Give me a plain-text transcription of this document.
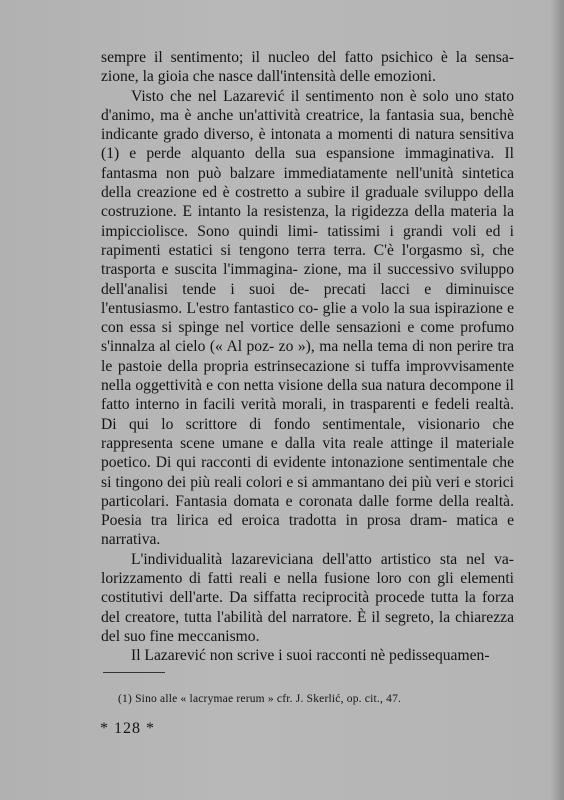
sempre il sentimento; il nucleo del fatto psichico è la sensa- zione, la gioia che nasce dall'intensità delle emozioni.

Visto che nel Lazarević il sentimento non è solo uno stato d'animo, ma è anche un'attività creatrice, la fantasia sua, benchè indicante grado diverso, è intonata a momenti di natura sensitiva (1) e perde alquanto della sua espansione immaginativa. Il fantasma non può balzare immediatamente nell'unità sintetica della creazione ed è costretto a subire il graduale sviluppo della costruzione. E intanto la resistenza, la rigidezza della materia la impicciolisce. Sono quindi limi- tatissimi i grandi voli ed i rapimenti estatici si tengono terra terra. C'è l'orgasmo sì, che trasporta e suscita l'immagina- zione, ma il successivo sviluppo dell'analisi tende i suoi de- precati lacci e diminuisce l'entusiasmo. L'estro fantastico co- glie a volo la sua ispirazione e con essa si spinge nel vortice delle sensazioni e come profumo s'innalza al cielo (« Al poz- zo »), ma nella tema di non perire tra le pastoie della propria estrinsecazione si tuffa improvvisamente nella oggettività e con netta visione della sua natura decompone il fatto interno in facili verità morali, in trasparenti e fedeli realtà. Di qui lo scrittore di fondo sentimentale, visionario che rappresenta scene umane e dalla vita reale attinge il materiale poetico. Di qui racconti di evidente intonazione sentimentale che si tingono dei più reali colori e si ammantano dei più veri e storici particolari. Fantasia domata e coronata dalle forme della realtà. Poesia tra lirica ed eroica tradotta in prosa dram- matica e narrativa.

L'individualità lazareviciana dell'atto artistico sta nel va- lorizzamento di fatti reali e nella fusione loro con gli elementi costitutivi dell'arte. Da siffatta reciprocità procede tutta la forza del creatore, tutta l'abilità del narratore. È il segreto, la chiarezza del suo fine meccanismo.

Il Lazarević non scrive i suoi racconti nè pedissequamen-

(1) Sino alle « lacrymae rerum » cfr. J. Skerlić, op. cit., 47.
* 128 *
